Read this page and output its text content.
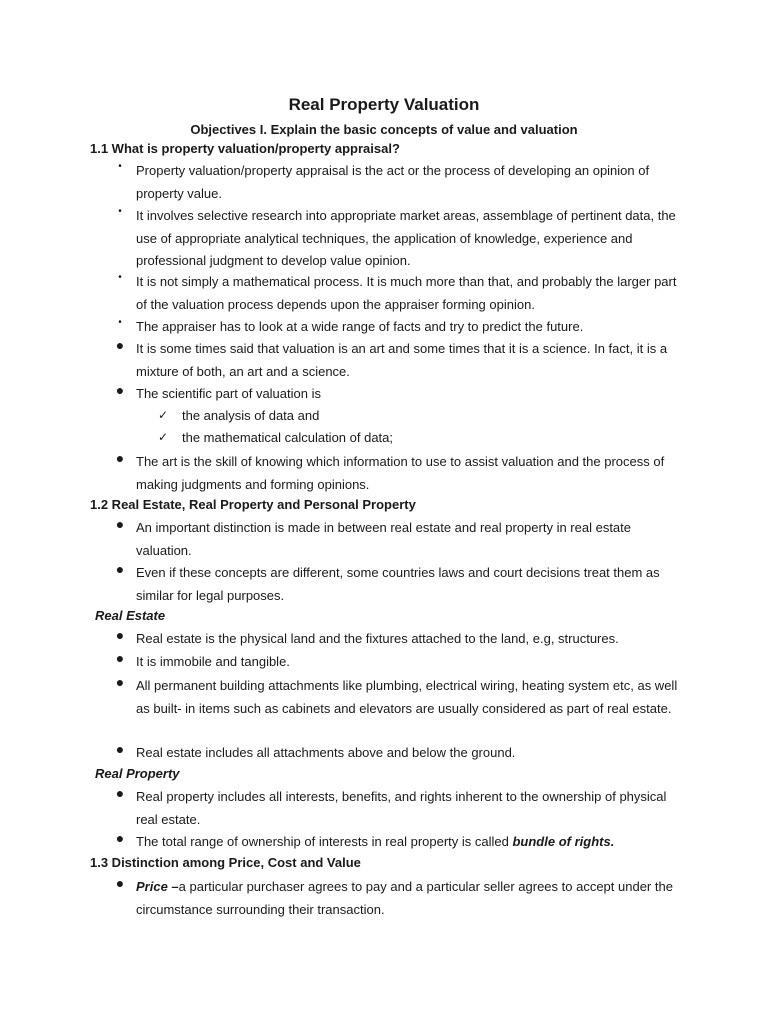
Real Property Valuation
Objectives I. Explain the basic concepts of value and valuation
1.1 What is property valuation/property appraisal?
•	Property valuation/property appraisal is the act or the process of developing an opinion of property value.
•	It involves selective research into appropriate market areas, assemblage of pertinent data, the use of appropriate analytical techniques, the application of knowledge, experience and professional judgment to develop value opinion.
•	It is not simply a mathematical process. It is much more than that, and probably the larger part of the valuation process depends upon the appraiser forming opinion.
•	The appraiser has to look at a wide range of facts and try to predict the future.
● It is some times said that valuation is an art and some times that it is a science. In fact, it is a mixture of both, an art and a science.
● The scientific part of valuation is
✓ the analysis of data and
✓ the mathematical calculation of data;
● The art is the skill of knowing which information to use to assist valuation and the process of making judgments and forming opinions.
1.2 Real Estate, Real Property and Personal Property
● An important distinction is made in between real estate and real property in real estate valuation.
● Even if these concepts are different, some countries laws and court decisions treat them as similar for legal purposes.
Real Estate
● Real estate is the physical land and the fixtures attached to the land, e.g, structures.
● It is immobile and tangible.
● All permanent building attachments like plumbing, electrical wiring, heating system etc, as well as built- in items such as cabinets and elevators are usually considered as part of real estate.
● Real estate includes all attachments above and below the ground.
Real Property
● Real property includes all interests, benefits, and rights inherent to the ownership of physical real estate.
● The total range of ownership of interests in real property is called bundle of rights.
1.3 Distinction among Price, Cost and Value
● Price –a particular purchaser agrees to pay and a particular seller agrees to accept under the circumstance surrounding their transaction.
